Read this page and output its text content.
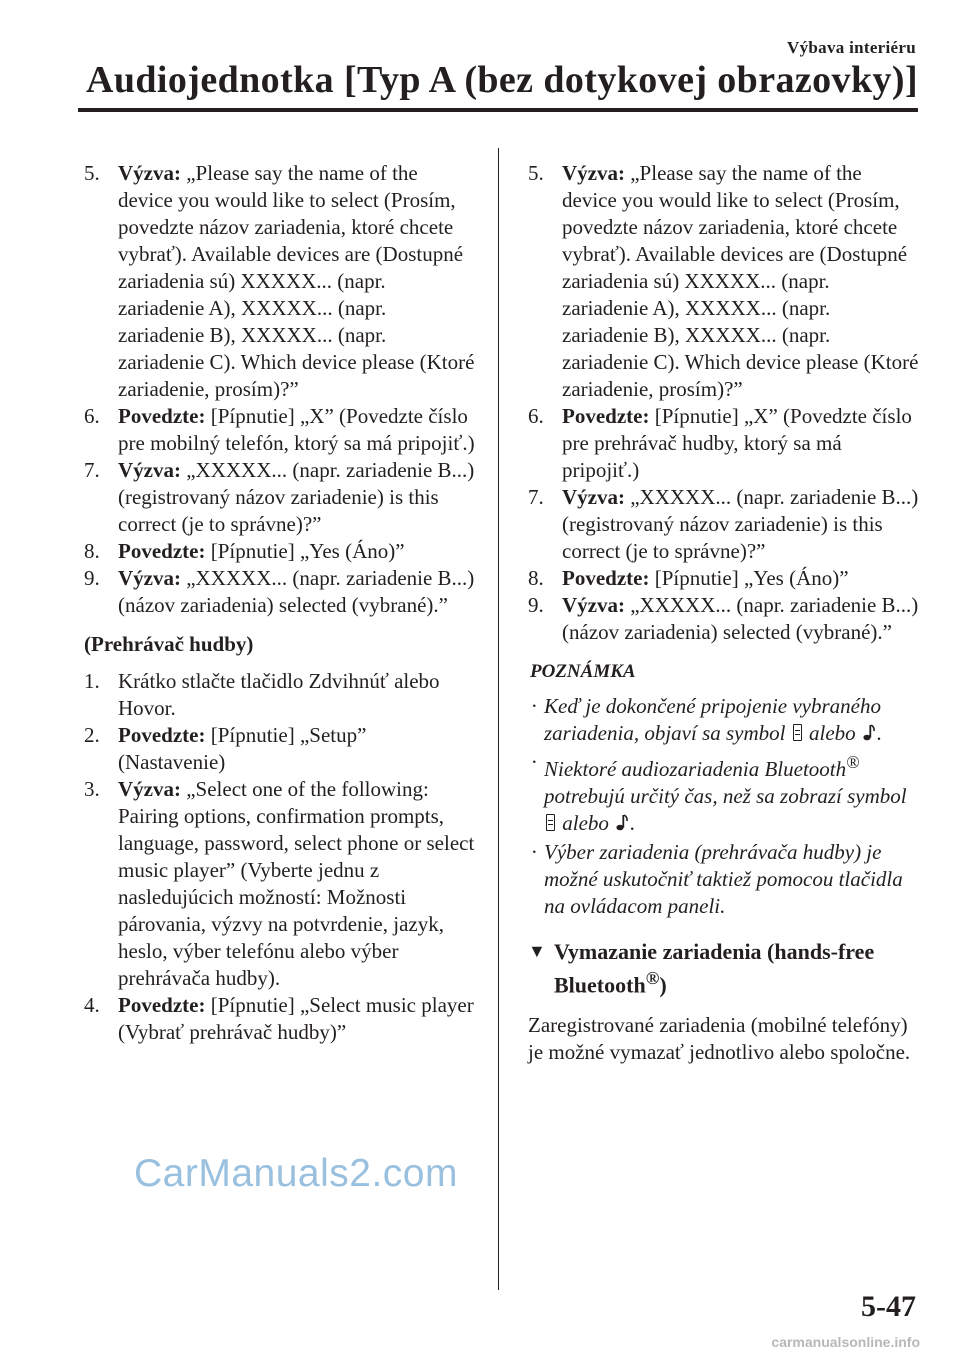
Výbava interiéru
Audiojednotka [Typ A (bez dotykovej obrazovky)]
5. Výzva: „Please say the name of the device you would like to select (Prosím, povedzte názov zariadenia, ktoré chcete vybrať). Available devices are (Dostupné zariadenia sú) XXXXX... (napr. zariadenie A), XXXXX... (napr. zariadenie B), XXXXX... (napr. zariadenie C). Which device please (Ktoré zariadenie, prosím)?”
6. Povedzte: [Pípnutie] „X” (Povedzte číslo pre mobilný telefón, ktorý sa má pripojiť.)
7. Výzva: „XXXXX... (napr. zariadenie B...) (registrovaný názov zariadenie) is this correct (je to správne)?”
8. Povedzte: [Pípnutie] „Yes (Áno)”
9. Výzva: „XXXXX... (napr. zariadenie B...) (názov zariadenia) selected (vybrané).”
(Prehrávač hudby)
1. Krátko stlačte tlačidlo Zdvihnúť alebo Hovor.
2. Povedzte: [Pípnutie] „Setup” (Nastavenie)
3. Výzva: „Select one of the following: Pairing options, confirmation prompts, language, password, select phone or select music player” (Vyberte jednu z nasledujúcich možností: Možnosti párovania, výzvy na potvrdenie, jazyk, heslo, výber telefónu alebo výber prehrávača hudby).
4. Povedzte: [Pípnutie] „Select music player (Vybrať prehrávač hudby)”
5. Výzva: „Please say the name of the device you would like to select (Prosím, povedzte názov zariadenia, ktoré chcete vybrať). Available devices are (Dostupné zariadenia sú) XXXXX... (napr. zariadenie A), XXXXX... (napr. zariadenie B), XXXXX... (napr. zariadenie C). Which device please (Ktoré zariadenie, prosím)?”
6. Povedzte: [Pípnutie] „X” (Povedzte číslo pre prehrávač hudby, ktorý sa má pripojiť.)
7. Výzva: „XXXXX... (napr. zariadenie B...) (registrovaný názov zariadenie) is this correct (je to správne)?”
8. Povedzte: [Pípnutie] „Yes (Áno)”
9. Výzva: „XXXXX... (napr. zariadenie B...) (názov zariadenia) selected (vybrané).”
POZNÁMKA
· Keď je dokončené pripojenie vybraného zariadenia, objaví sa symbol alebo .
· Niektoré audiozariadenia Bluetooth® potrebujú určitý čas, než sa zobrazí symbol  alebo .
· Výber zariadenia (prehrávača hudby) je možné uskutočniť taktiež pomocou tlačidla na ovládacom paneli.
▼ Vymazanie zariadenia (hands-free Bluetooth®)

Zaregistrované zariadenia (mobilné telefóny) je možné vymazať jednotlivo alebo spoločne.

CarManuals2.com
5-47
carmanualsonline.info
